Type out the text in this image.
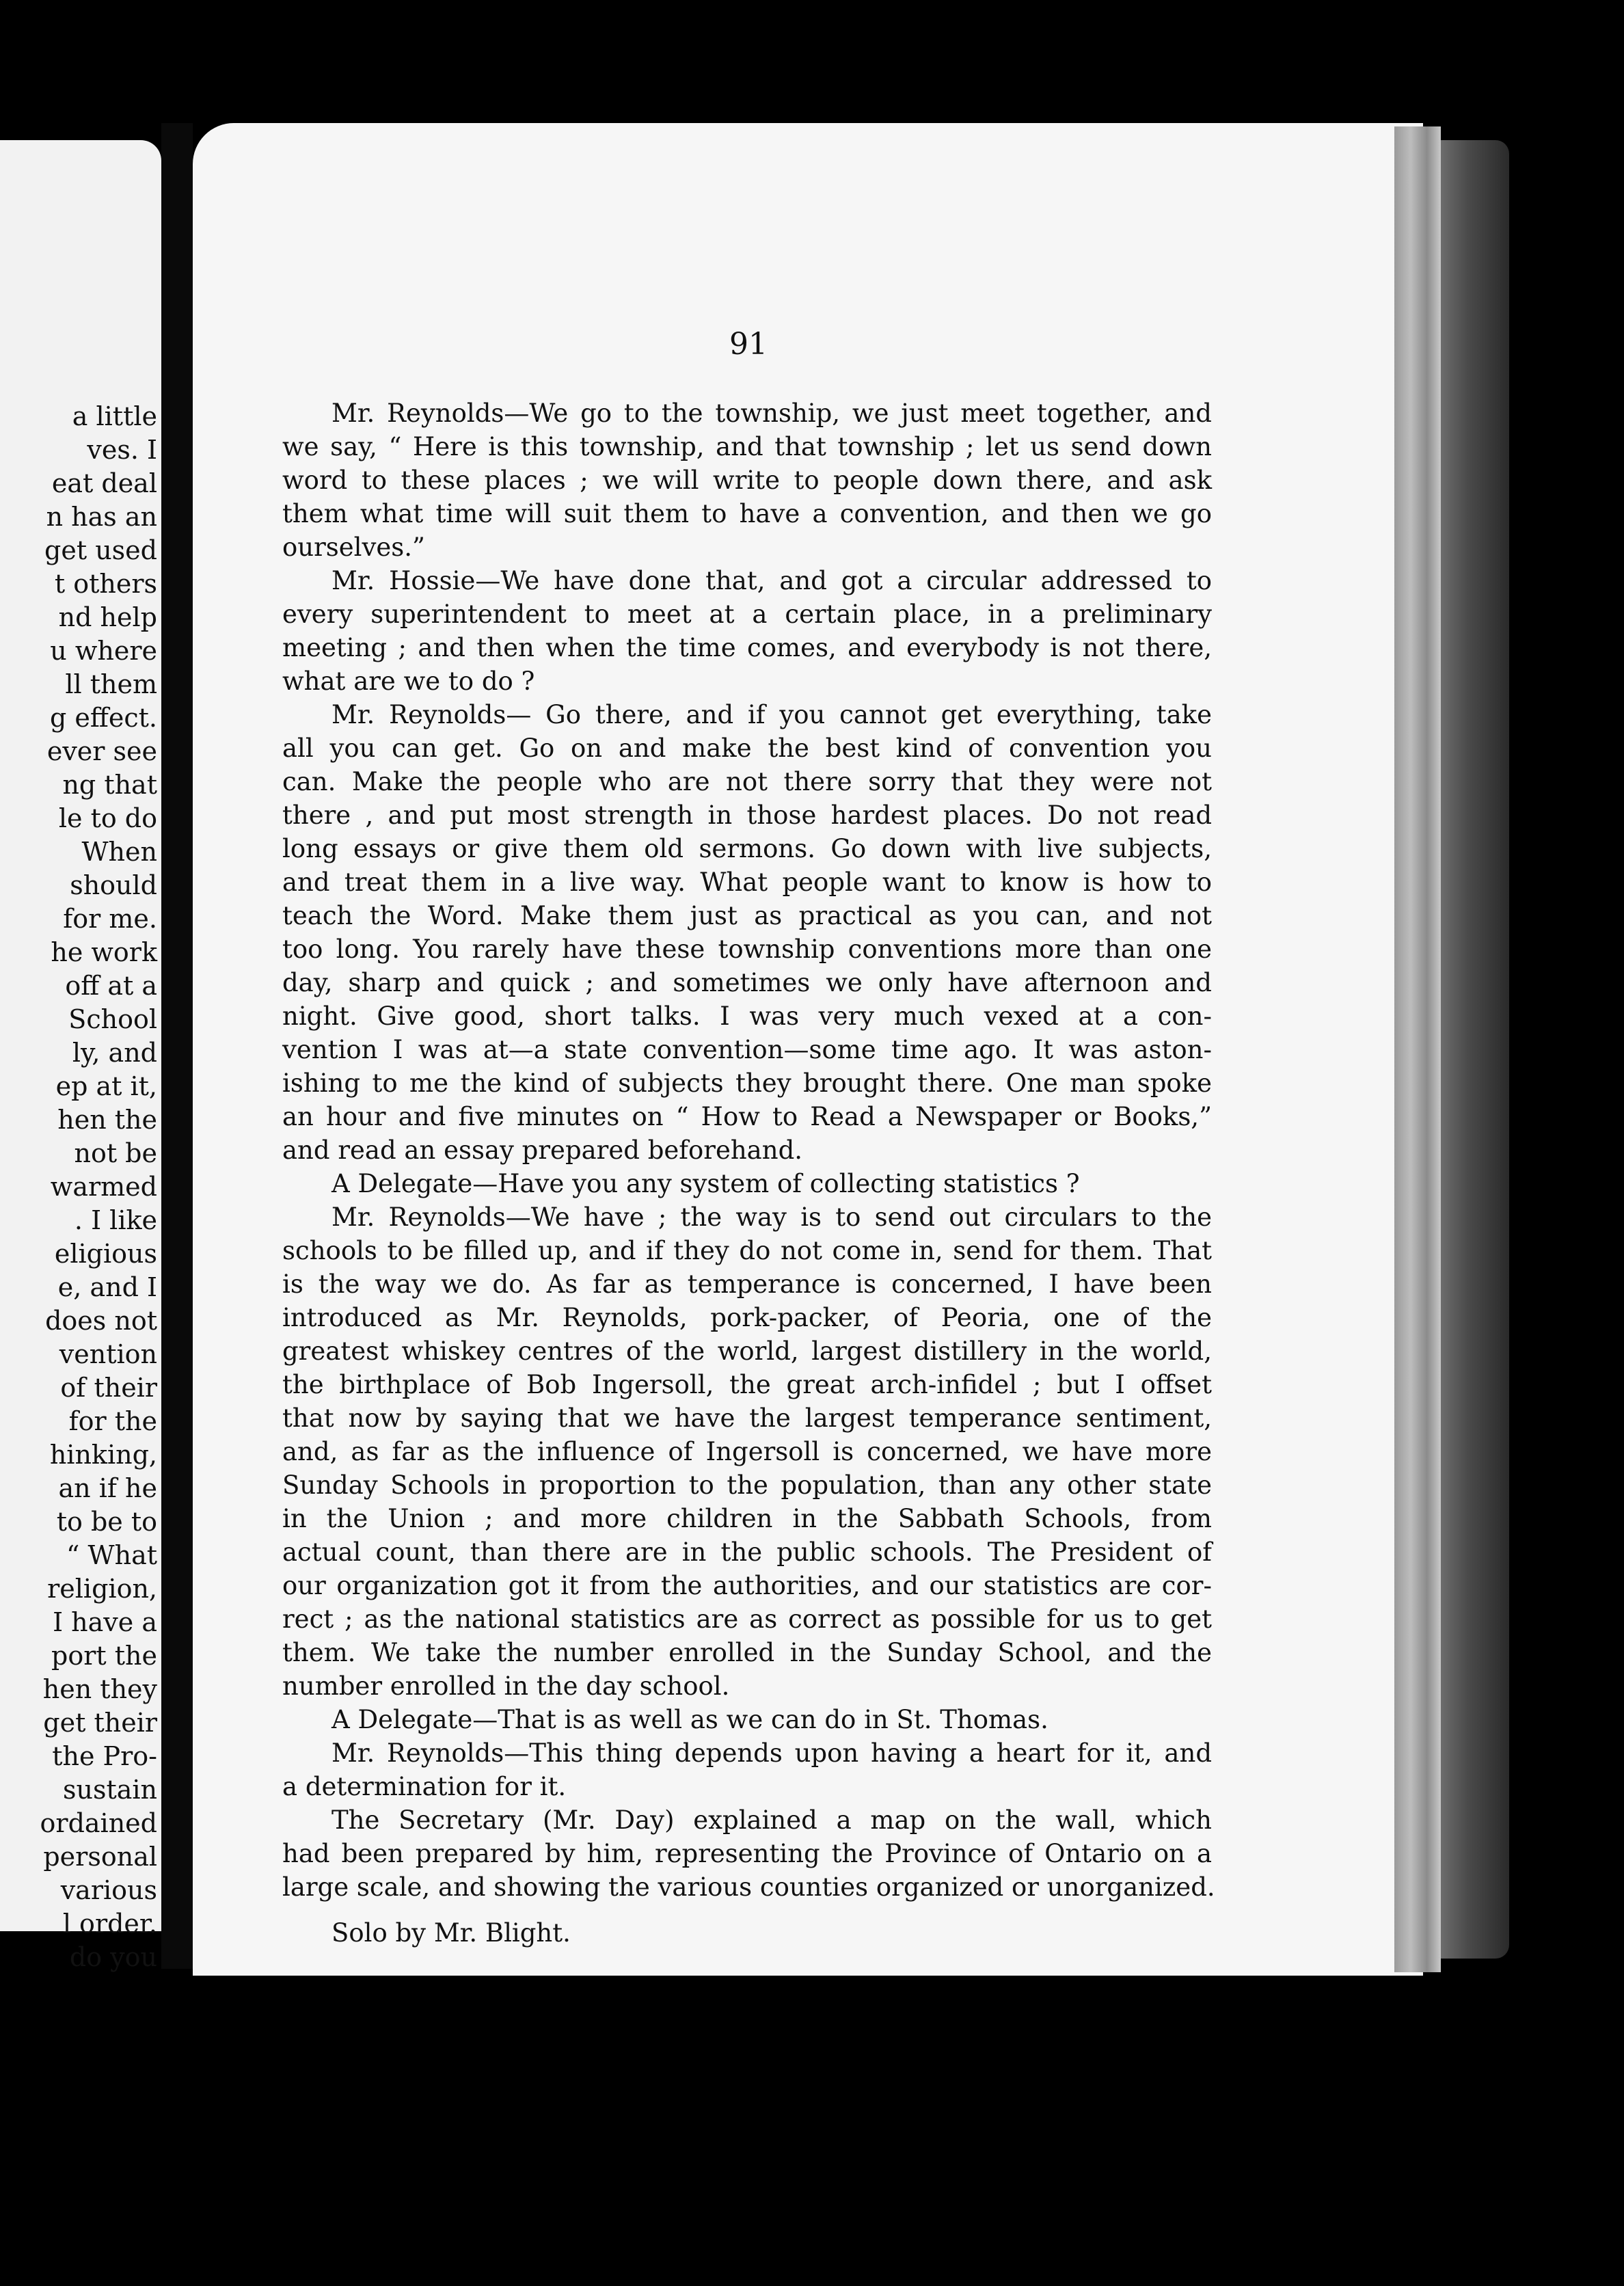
a little
ves. I
eat deal
n has an
get used
t others
nd help
u where
ll them
g effect.
ever see
ng that
le to do
When
should
for me.
he work
off at a
School
ly, and
ep at it,
hen the
not be
warmed
. I like
eligious
e, and I
does not
vention
of their
for the
hinking,
an if he
to be to
“ What
religion,
I have a
port the
hen they
get their
the Pro-
sustain
ordained
personal
various
l order.
do you
91
Mr. Reynolds—We go to the township, we just meet together, and
we say, “ Here is this township, and that township ; let us send down
word to these places ; we will write to people down there, and ask
them what time will suit them to have a convention, and then we go
ourselves.”
Mr. Hossie—We have done that, and got a circular addressed to
every superintendent to meet at a certain place, in a preliminary
meeting ; and then when the time comes, and everybody is not there,
what are we to do ?
Mr. Reynolds— Go there, and if you cannot get everything, take
all you can get. Go on and make the best kind of convention you
can. Make the people who are not there sorry that they were not
there , and put most strength in those hardest places. Do not read
long essays or give them old sermons. Go down with live subjects,
and treat them in a live way. What people want to know is how to
teach the Word. Make them just as practical as you can, and not
too long. You rarely have these township conventions more than one
day, sharp and quick ; and sometimes we only have afternoon and
night. Give good, short talks. I was very much vexed at a con-
vention I was at—a state convention—some time ago. It was aston-
ishing to me the kind of subjects they brought there. One man spoke
an hour and five minutes on “ How to Read a Newspaper or Books,”
and read an essay prepared beforehand.
A Delegate—Have you any system of collecting statistics ?
Mr. Reynolds—We have ; the way is to send out circulars to the
schools to be filled up, and if they do not come in, send for them. That
is the way we do. As far as temperance is concerned, I have been
introduced as Mr. Reynolds, pork-packer, of Peoria, one of the
greatest whiskey centres of the world, largest distillery in the world,
the birthplace of Bob Ingersoll, the great arch-infidel ; but I offset
that now by saying that we have the largest temperance sentiment,
and, as far as the influence of Ingersoll is concerned, we have more
Sunday Schools in proportion to the population, than any other state
in the Union ; and more children in the Sabbath Schools, from
actual count, than there are in the public schools. The President of
our organization got it from the authorities, and our statistics are cor-
rect ; as the national statistics are as correct as possible for us to get
them. We take the number enrolled in the Sunday School, and the
number enrolled in the day school.
A Delegate—That is as well as we can do in St. Thomas.
Mr. Reynolds—This thing depends upon having a heart for it, and
a determination for it.
The Secretary (Mr. Day) explained a map on the wall, which
had been prepared by him, representing the Province of Ontario on a
large scale, and showing the various counties organized or unorganized.
Solo by Mr. Blight.
